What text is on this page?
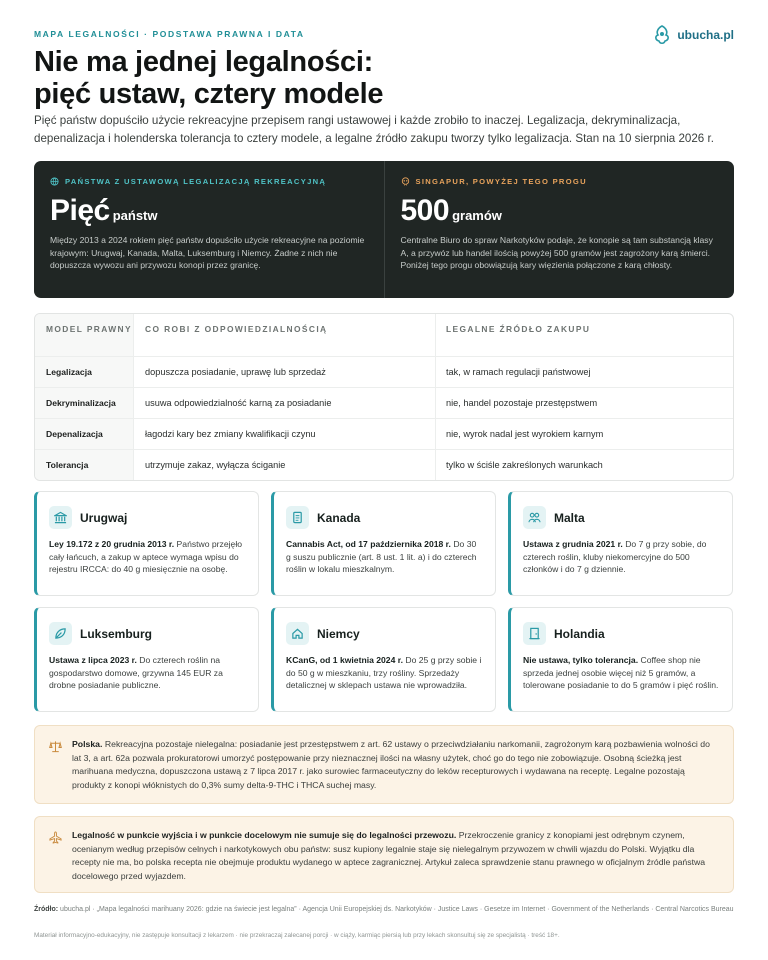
MAPA LEGALNOŚCI · PODSTAWA PRAWNA I DATA	ubucha.pl
Nie ma jednej legalności:
pięć ustaw, cztery modele

Pięć państw dopuściło użycie rekreacyjne przepisem rangi ustawowej i każde zrobiło to inaczej. Legalizacja, dekryminalizacja, depenalizacja i holenderska tolerancja to cztery modele, a legalne źródło zakupu tworzy tylko legalizacja. Stan na 10 sierpnia 2026 r.

PAŃSTWA Z USTAWOWĄ LEGALIZACJĄ REKREACYJNĄ
Pięć państw
Między 2013 a 2024 rokiem pięć państw dopuściło użycie rekreacyjne na poziomie krajowym: Urugwaj, Kanada, Malta, Luksemburg i Niemcy. Żadne z nich nie dopuszcza wywozu ani przywozu konopi przez granicę.
SINGAPUR, POWYŻEJ TEGO PROGU
500 gramów
Centralne Biuro do spraw Narkotyków podaje, że konopie są tam substancją klasy A, a przywóz lub handel ilością powyżej 500 gramów jest zagrożony karą śmierci. Poniżej tego progu obowiązują kary więzienia połączone z karą chłosty.
MODEL PRAWNY	CO ROBI Z ODPOWIEDZIALNOŚCIĄ	LEGALNE ŹRÓDŁO ZAKUPU
Legalizacja	dopuszcza posiadanie, uprawę lub sprzedaż	tak, w ramach regulacji państwowej
Dekryminalizacja	usuwa odpowiedzialność karną za posiadanie	nie, handel pozostaje przestępstwem
Depenalizacja	łagodzi kary bez zmiany kwalifikacji czynu	nie, wyrok nadal jest wyrokiem karnym
Tolerancja	utrzymuje zakaz, wyłącza ściganie	tylko w ściśle zakreślonych warunkach
Urugwaj
Ley 19.172 z 20 grudnia 2013 r. Państwo przejęło cały łańcuch, a zakup w aptece wymaga wpisu do rejestru IRCCA: do 40 g miesięcznie na osobę.
Kanada
Cannabis Act, od 17 października 2018 r. Do 30 g suszu publicznie (art. 8 ust. 1 lit. a) i do czterech roślin w lokalu mieszkalnym.
Malta
Ustawa z grudnia 2021 r. Do 7 g przy sobie, do czterech roślin, kluby niekomercyjne do 500 członków i do 7 g dziennie.
Luksemburg
Ustawa z lipca 2023 r. Do czterech roślin na gospodarstwo domowe, grzywna 145 EUR za drobne posiadanie publiczne.
Niemcy
KCanG, od 1 kwietnia 2024 r. Do 25 g przy sobie i do 50 g w mieszkaniu, trzy rośliny. Sprzedaży detalicznej w sklepach ustawa nie wprowadziła.
Holandia
Nie ustawa, tylko tolerancja. Coffee shop nie sprzeda jednej osobie więcej niż 5 gramów, a tolerowane posiadanie to do 5 gramów i pięć roślin.
Polska. Rekreacyjna pozostaje nielegalna: posiadanie jest przestępstwem z art. 62 ustawy o przeciwdziałaniu narkomanii, zagrożonym karą pozbawienia wolności do lat 3, a art. 62a pozwala prokuratorowi umorzyć postępowanie przy nieznacznej ilości na własny użytek, choć go do tego nie zobowiązuje. Osobną ścieżką jest marihuana medyczna, dopuszczona ustawą z 7 lipca 2017 r. jako surowiec farmaceutyczny do leków recepturowych i wydawana na receptę. Legalne pozostają produkty z konopi włóknistych do 0,3% sumy delta-9-THC i THCA suchej masy.
Legalność w punkcie wyjścia i w punkcie docelowym nie sumuje się do legalności przewozu. Przekroczenie granicy z konopiami jest odrębnym czynem, ocenianym według przepisów celnych i narkotykowych obu państw: susz kupiony legalnie staje się nielegalnym przywozem w chwili wjazdu do Polski. Wyjątku dla recepty nie ma, bo polska recepta nie obejmuje produktu wydanego w aptece zagranicznej. Artykuł zaleca sprawdzenie stanu prawnego w oficjalnym źródle państwa docelowego przed wyjazdem.
Źródło: ubucha.pl · „Mapa legalności marihuany 2026: gdzie na świecie jest legalna” · Agencja Unii Europejskiej ds. Narkotyków · Justice Laws · Gesetze im Internet · Government of the Netherlands · Central Narcotics Bureau
Materiał informacyjno-edukacyjny, nie zastępuje konsultacji z lekarzem · nie przekraczaj zalecanej porcji · w ciąży, karmiąc piersią lub przy lekach skonsultuj się ze specjalistą · treść 18+.
